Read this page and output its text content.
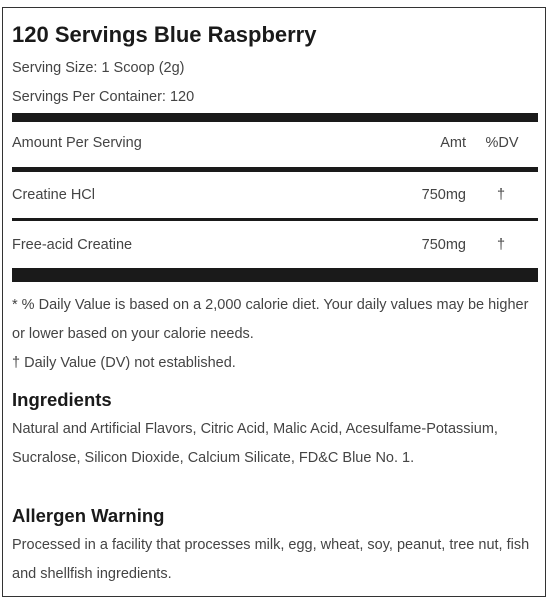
120 Servings Blue Raspberry
Serving Size: 1 Scoop (2g)
Servings Per Container: 120
Amount Per Serving	Amt %DV
Creatine HCl	750mg	†
Free-acid Creatine	750mg	†
* % Daily Value is based on a 2,000 calorie diet. Your daily values may be higher or lower based on your calorie needs.
† Daily Value (DV) not established.
Ingredients
Natural and Artificial Flavors, Citric Acid, Malic Acid, Acesulfame-Potassium, Sucralose, Silicon Dioxide, Calcium Silicate, FD&C Blue No. 1.
Allergen Warning
Processed in a facility that processes milk, egg, wheat, soy, peanut, tree nut, fish and shellfish ingredients.
